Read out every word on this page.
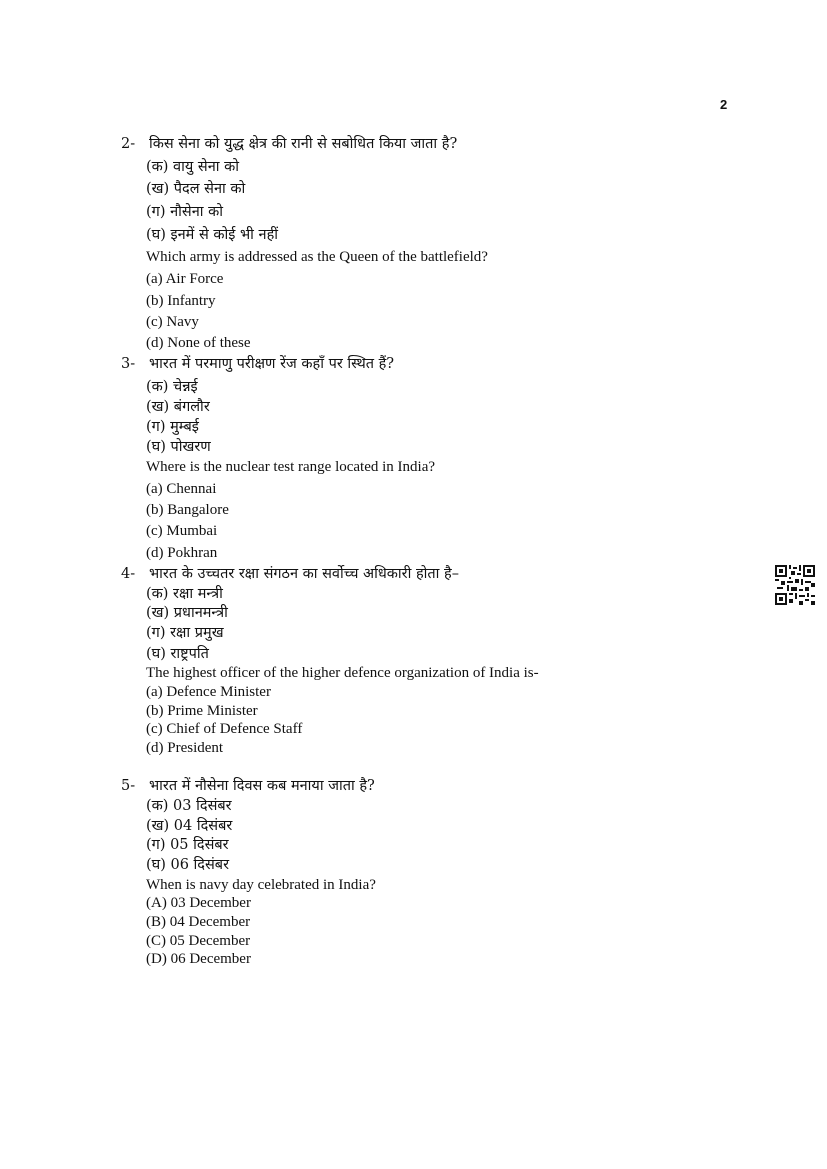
2
2- किस सेना को युद्ध क्षेत्र की रानी से सबोधित किया जाता है?
(क) वायु सेना को
(ख) पैदल सेना को
(ग) नौसेना को
(घ) इनमें से कोई भी नहीं
Which army is addressed as the Queen of the battlefield?
(a) Air Force
(b) Infantry
(c) Navy
(d) None of these
3- भारत में परमाणु परीक्षण रेंज कहाँ पर स्थित हैं?
(क) चेन्नई
(ख) बंगलौर
(ग) मुम्बई
(घ) पोखरण
Where is the nuclear test range located in India?
(a) Chennai
(b) Bangalore
(c) Mumbai
(d) Pokhran
4- भारत के उच्चतर रक्षा संगठन का सर्वोच्च अधिकारी होता है–
(क) रक्षा मन्त्री
(ख) प्रधानमन्त्री
(ग) रक्षा प्रमुख
(घ) राष्ट्रपति
The highest officer of the higher defence organization of India is-
(a) Defence Minister
(b) Prime Minister
(c) Chief of Defence Staff
(d) President
5- भारत में नौसेना दिवस कब मनाया जाता है?
(क) 03 दिसंबर
(ख) 04 दिसंबर
(ग) 05 दिसंबर
(घ) 06 दिसंबर
When is navy day celebrated in India?
(A) 03 December
(B) 04 December
(C) 05 December
(D) 06 December
